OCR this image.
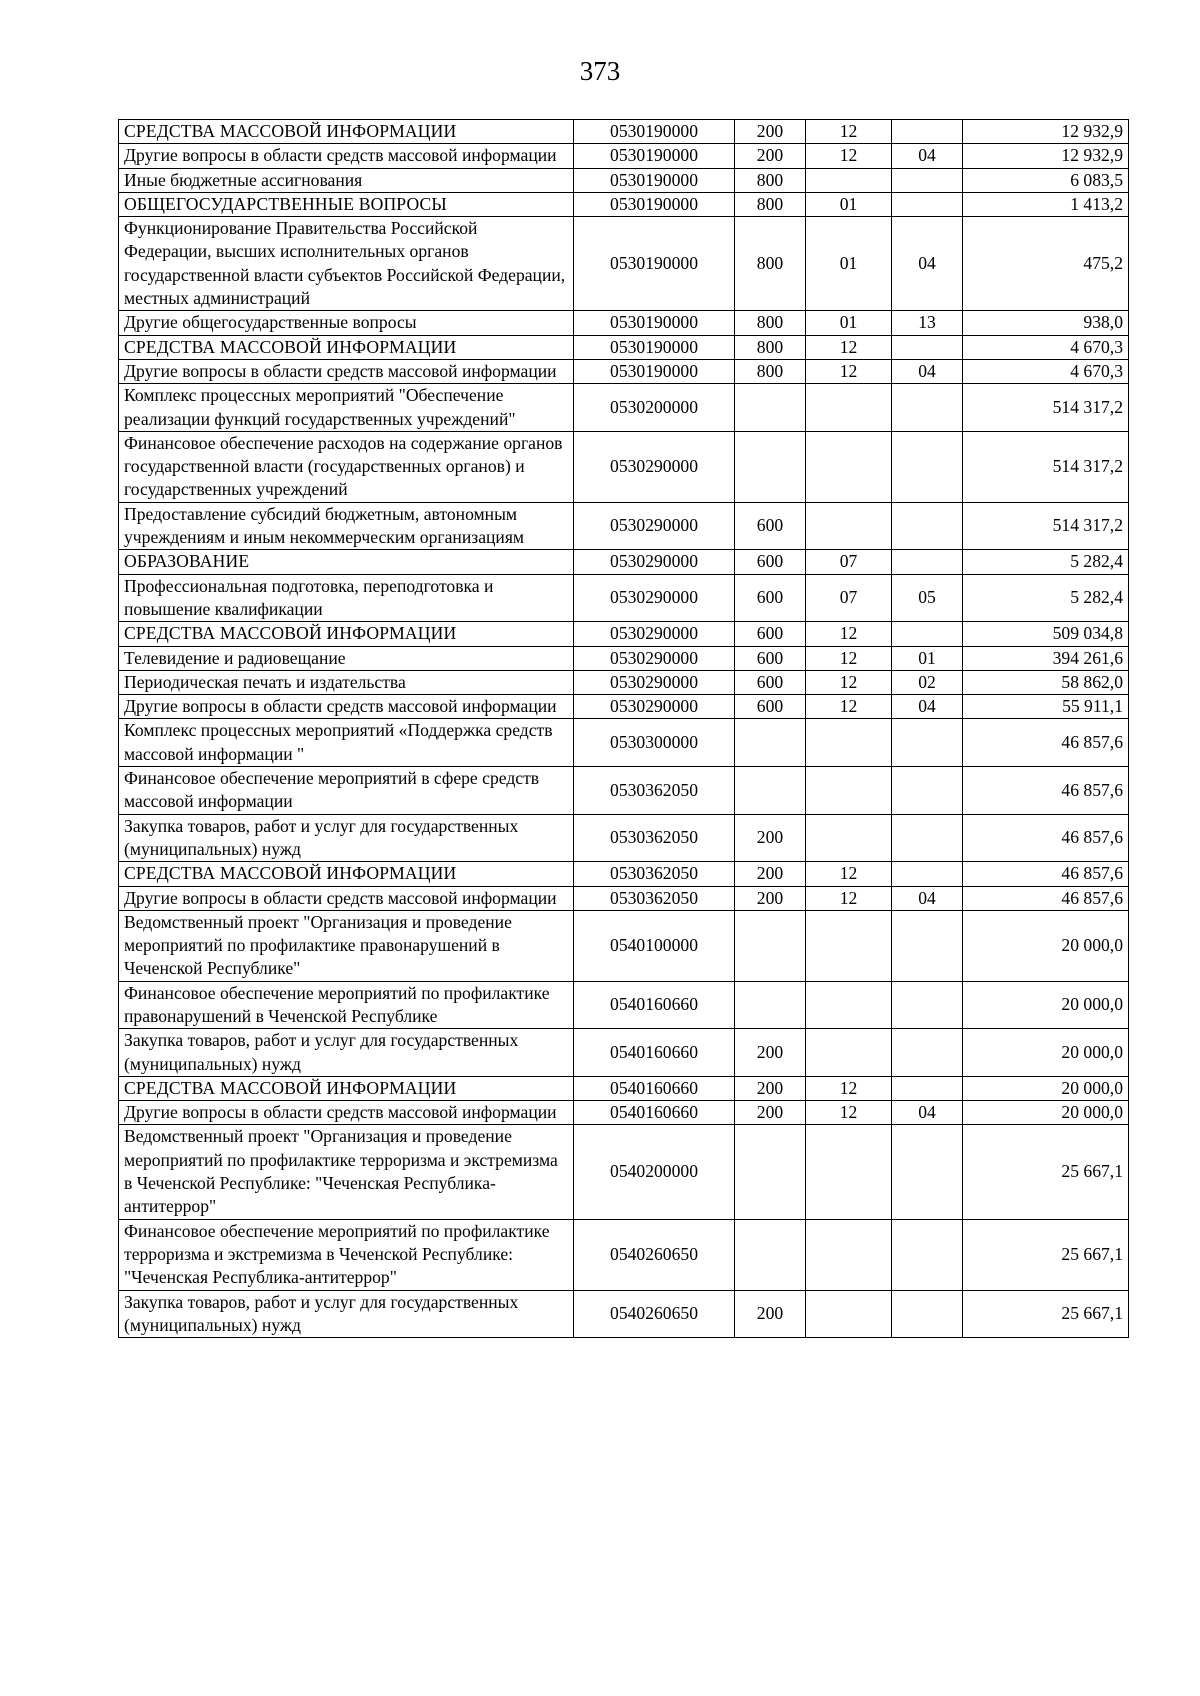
373
СРЕДСТВА МАССОВОЙ ИНФОРМАЦИИ	0530190000	200	12		12 932,9
Другие вопросы в области средств массовой информации	0530190000	200	12	04	12 932,9
Иные бюджетные ассигнования	0530190000	800			6 083,5
ОБЩЕГОСУДАРСТВЕННЫЕ ВОПРОСЫ	0530190000	800	01		1 413,2
Функционирование Правительства Российской Федерации, высших исполнительных органов государственной власти субъектов Российской Федерации, местных администраций	0530190000	800	01	04	475,2
Другие общегосударственные вопросы	0530190000	800	01	13	938,0
СРЕДСТВА МАССОВОЙ ИНФОРМАЦИИ	0530190000	800	12		4 670,3
Другие вопросы в области средств массовой информации	0530190000	800	12	04	4 670,3
Комплекс процессных мероприятий "Обеспечение реализации функций государственных учреждений"	0530200000				514 317,2
Финансовое обеспечение расходов на содержание органов государственной власти (государственных органов) и государственных учреждений	0530290000				514 317,2
Предоставление субсидий бюджетным, автономным учреждениям и иным некоммерческим организациям	0530290000	600			514 317,2
ОБРАЗОВАНИЕ	0530290000	600	07		5 282,4
Профессиональная подготовка, переподготовка и повышение квалификации	0530290000	600	07	05	5 282,4
СРЕДСТВА МАССОВОЙ ИНФОРМАЦИИ	0530290000	600	12		509 034,8
Телевидение и радиовещание	0530290000	600	12	01	394 261,6
Периодическая печать и издательства	0530290000	600	12	02	58 862,0
Другие вопросы в области средств массовой информации	0530290000	600	12	04	55 911,1
Комплекс процессных мероприятий «Поддержка средств массовой информации "	0530300000				46 857,6
Финансовое обеспечение мероприятий в сфере средств массовой информации	0530362050				46 857,6
Закупка товаров, работ и услуг для государственных (муниципальных) нужд	0530362050	200			46 857,6
СРЕДСТВА МАССОВОЙ ИНФОРМАЦИИ	0530362050	200	12		46 857,6
Другие вопросы в области средств массовой информации	0530362050	200	12	04	46 857,6
Ведомственный проект "Организация и проведение мероприятий по профилактике правонарушений в Чеченской Республике"	0540100000				20 000,0
Финансовое обеспечение мероприятий по профилактике правонарушений в Чеченской Республике	0540160660				20 000,0
Закупка товаров, работ и услуг для государственных (муниципальных) нужд	0540160660	200			20 000,0
СРЕДСТВА МАССОВОЙ ИНФОРМАЦИИ	0540160660	200	12		20 000,0
Другие вопросы в области средств массовой информации	0540160660	200	12	04	20 000,0
Ведомственный проект "Организация и проведение мероприятий по профилактике терроризма и экстремизма в Чеченской Республике: "Чеченская Республика-антитеррор"	0540200000				25 667,1
Финансовое обеспечение мероприятий по профилактике терроризма и экстремизма в Чеченской Республике: "Чеченская Республика-антитеррор"	0540260650				25 667,1
Закупка товаров, работ и услуг для государственных (муниципальных) нужд	0540260650	200			25 667,1
